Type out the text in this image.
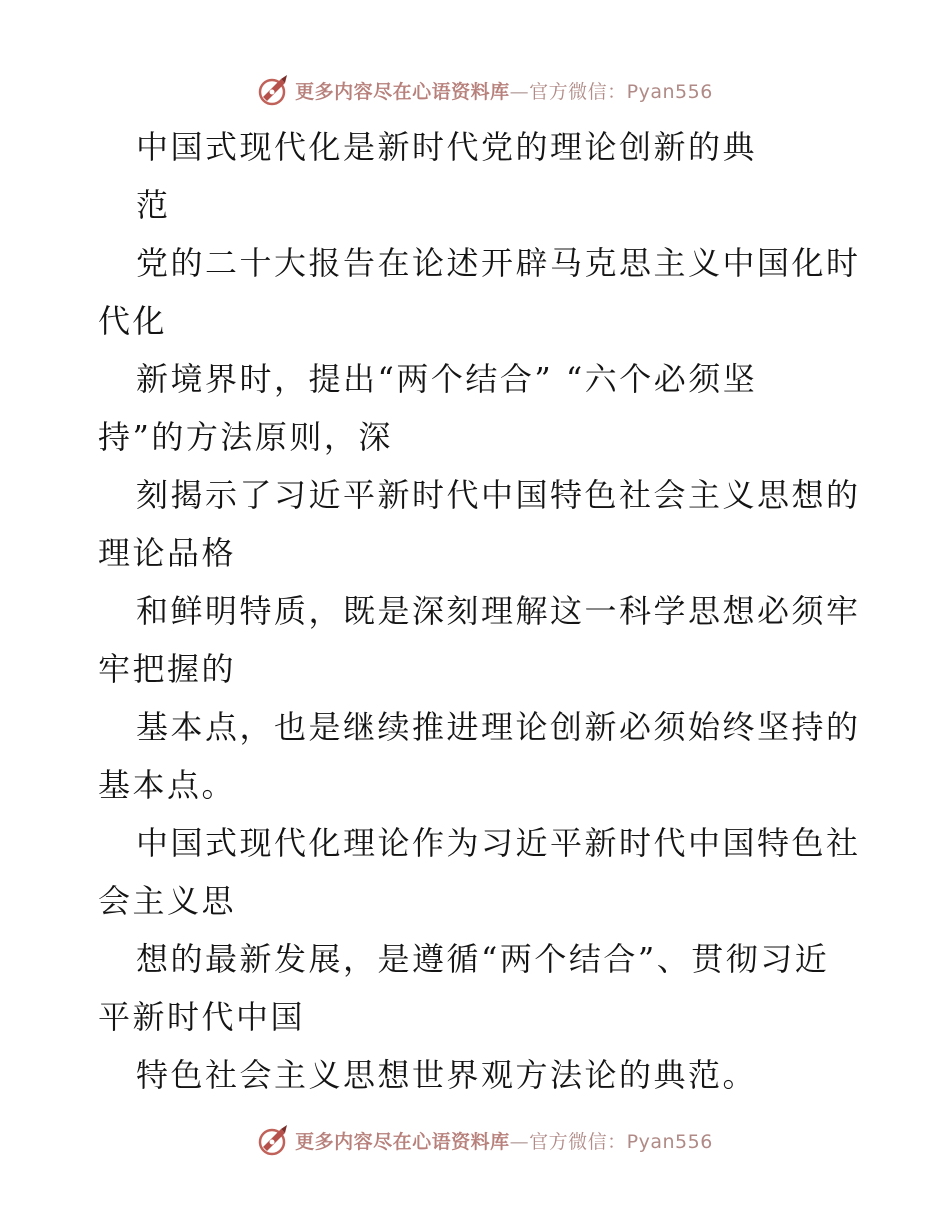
更多内容尽在心语资料库—官方微信：Pyan556
中国式现代化是新时代党的理论创新的典
范
党的二十大报告在论述开辟马克思主义中国化时
代化
新境界时，提出“两个结合” “六个必须坚
持”的方法原则，深
刻揭示了习近平新时代中国特色社会主义思想的
理论品格
和鲜明特质，既是深刻理解这一科学思想必须牢
牢把握的
基本点，也是继续推进理论创新必须始终坚持的
基本点。
中国式现代化理论作为习近平新时代中国特色社
会主义思
想的最新发展，是遵循“两个结合”、贯彻习近
平新时代中国
特色社会主义思想世界观方法论的典范。
更多内容尽在心语资料库—官方微信：Pyan556
